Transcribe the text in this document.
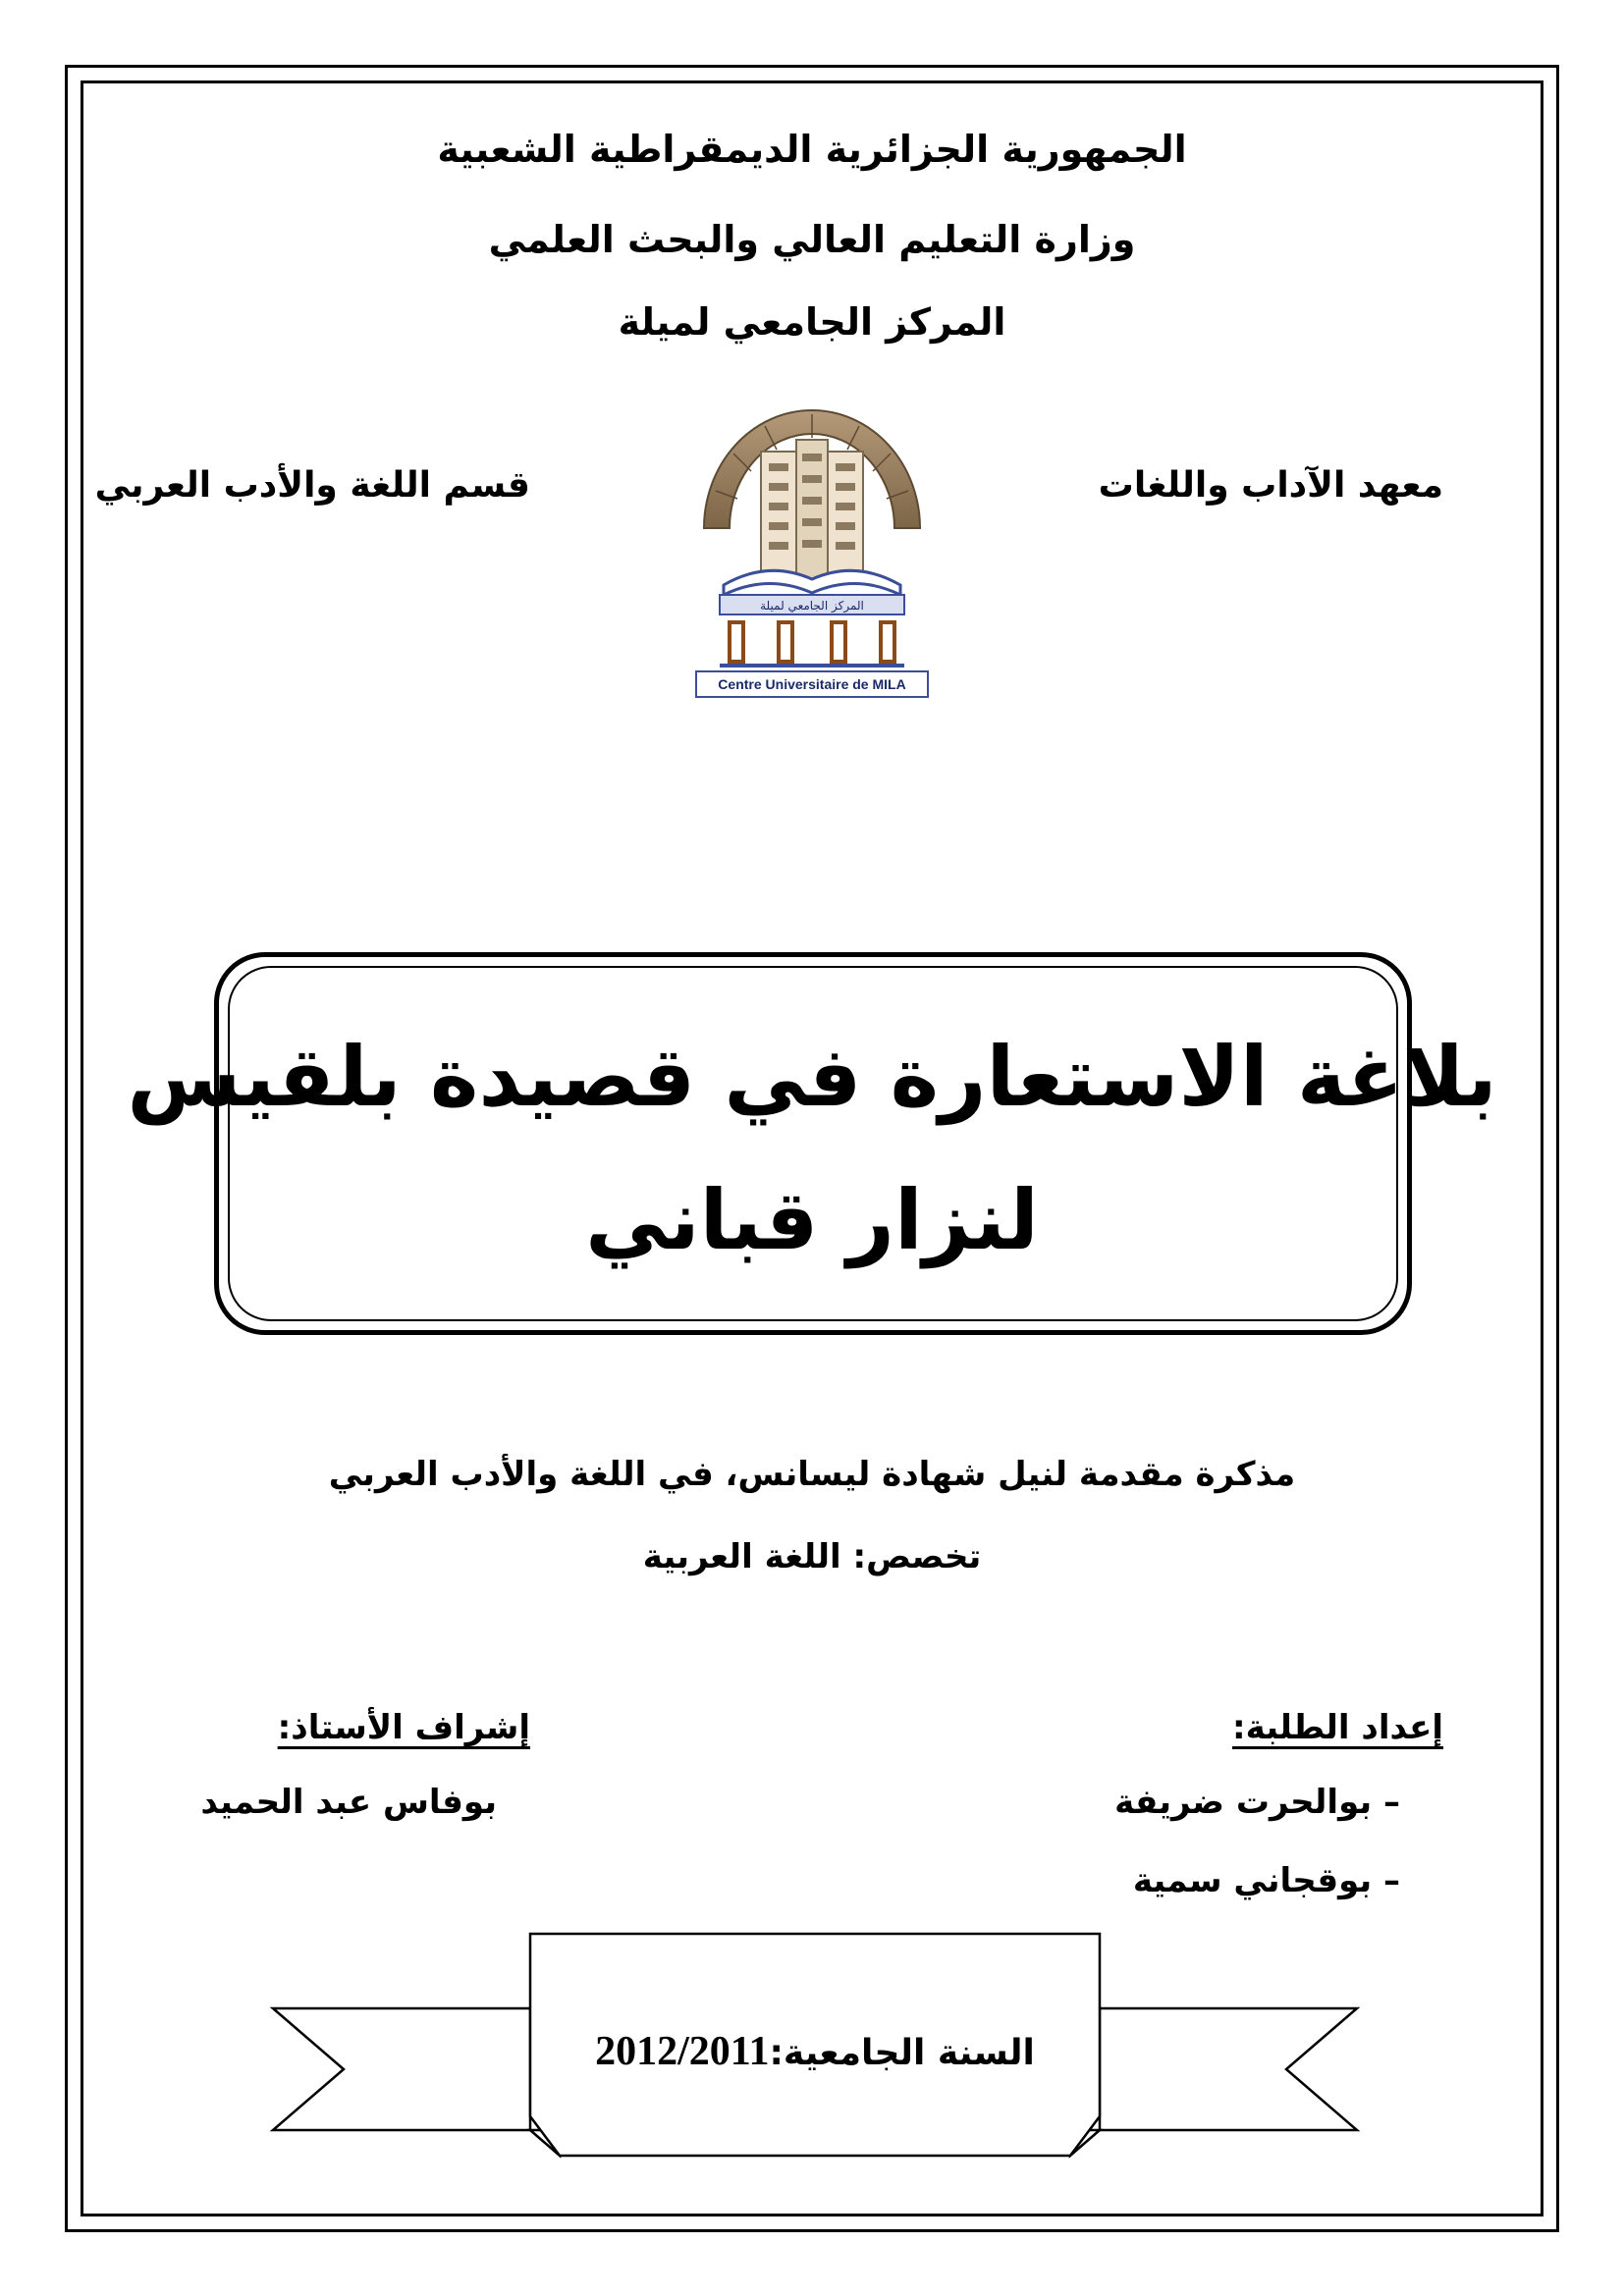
الجمهورية الجزائرية الديمقراطية الشعبية
وزارة التعليم العالي والبحث العلمي
المركز الجامعي لميلة
معهد الآداب واللغات
قسم اللغة والأدب العربي
المركز الجامعي لميلة
Centre Universitaire de MILA
بلاغة الاستعارة في قصيدة بلقيس
لنزار قباني
مذكرة مقدمة لنيل شهادة ليسانس، في اللغة والأدب العربي
تخصص: اللغة العربية
إعداد الطلبة:
– بوالحرت ضريفة
– بوقجاني سمية
إشراف الأستاذ:
بوفاس عبد الحميد
السنة الجامعية:2012/2011
